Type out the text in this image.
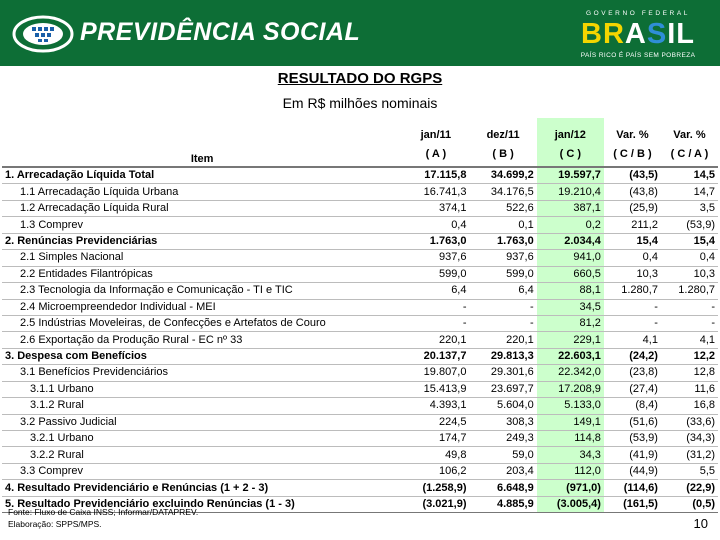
PREVIDÊNCIA SOCIAL
GOVERNO FEDERAL
BRASIL
PAÍS RICO É PAÍS SEM POBREZA
RESULTADO DO RGPS
Em R$ milhões nominais
Item	jan/11	dez/11	jan/12	Var. %	Var. %
	( A )	( B )	( C )	( C / B )	( C / A )
1. Arrecadação Líquida Total	17.115,8	34.699,2	19.597,7	(43,5)	14,5
1.1 Arrecadação Líquida Urbana	16.741,3	34.176,5	19.210,4	(43,8)	14,7
1.2 Arrecadação Líquida Rural	374,1	522,6	387,1	(25,9)	3,5
1.3 Comprev	0,4	0,1	0,2	211,2	(53,9)
2. Renúncias Previdenciárias	1.763,0	1.763,0	2.034,4	15,4	15,4
2.1 Simples Nacional	937,6	937,6	941,0	0,4	0,4
2.2 Entidades Filantrópicas	599,0	599,0	660,5	10,3	10,3
2.3 Tecnologia da Informação e Comunicação - TI e TIC	6,4	6,4	88,1	1.280,7	1.280,7
2.4 Microempreendedor Individual - MEI	-	-	34,5	-	-
2.5 Indústrias Moveleiras, de Confecções e Artefatos de Couro	-	-	81,2	-	-
2.6 Exportação da Produção Rural - EC nº 33	220,1	220,1	229,1	4,1	4,1
3. Despesa com Benefícios	20.137,7	29.813,3	22.603,1	(24,2)	12,2
3.1 Benefícios Previdenciários	19.807,0	29.301,6	22.342,0	(23,8)	12,8
3.1.1 Urbano	15.413,9	23.697,7	17.208,9	(27,4)	11,6
3.1.2 Rural	4.393,1	5.604,0	5.133,0	(8,4)	16,8
3.2 Passivo Judicial	224,5	308,3	149,1	(51,6)	(33,6)
3.2.1 Urbano	174,7	249,3	114,8	(53,9)	(34,3)
3.2.2 Rural	49,8	59,0	34,3	(41,9)	(31,2)
3.3 Comprev	106,2	203,4	112,0	(44,9)	5,5
4. Resultado Previdenciário e Renúncias (1 + 2 - 3)	(1.258,9)	6.648,9	(971,0)	(114,6)	(22,9)
5. Resultado Previdenciário excluindo Renúncias (1 - 3)	(3.021,9)	4.885,9	(3.005,4)	(161,5)	(0,5)
Fonte: Fluxo de Caixa INSS; Informar/DATAPREV.
Elaboração: SPPS/MPS.	10
